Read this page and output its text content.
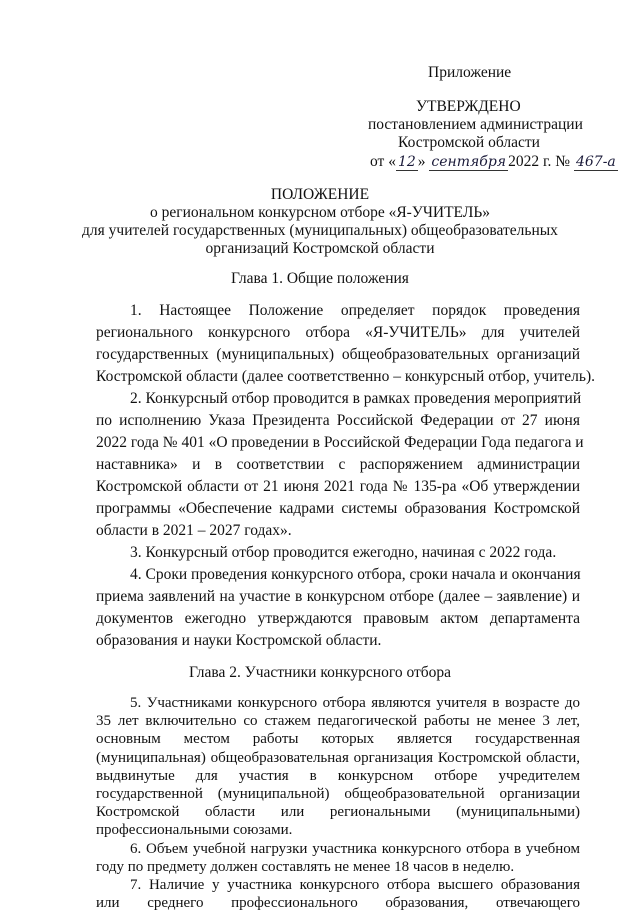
Приложение
УТВЕРЖДЕНО
постановлением администрации
Костромской области
от « 12 » сентября 2022 г. № 467-а
ПОЛОЖЕНИЕ
о региональном конкурсном отборе «Я-УЧИТЕЛЬ»
для учителей государственных (муниципальных) общеобразовательных
организаций Костромской области
Глава 1. Общие положения
1. Настоящее Положение определяет порядок проведения
регионального конкурсного отбора «Я-УЧИТЕЛЬ» для учителей
государственных (муниципальных) общеобразовательных организаций
Костромской области (далее соответственно – конкурсный отбор, учитель).
2. Конкурсный отбор проводится в рамках проведения мероприятий
по исполнению Указа Президента Российской Федерации от 27 июня
2022 года № 401 «О проведении в Российской Федерации Года педагога и
наставника» и в соответствии с распоряжением администрации
Костромской области от 21 июня 2021 года № 135-ра «Об утверждении
программы «Обеспечение кадрами системы образования Костромской
области в 2021 – 2027 годах».
3. Конкурсный отбор проводится ежегодно, начиная с 2022 года.
4. Сроки проведения конкурсного отбора, сроки начала и окончания
приема заявлений на участие в конкурсном отборе (далее – заявление) и
документов ежегодно утверждаются правовым актом департамента
образования и науки Костромской области.
Глава 2. Участники конкурсного отбора
5. Участниками конкурсного отбора являются учителя в возрасте до
35 лет включительно со стажем педагогической работы не менее 3 лет,
основным местом работы которых является государственная
(муниципальная) общеобразовательная организация Костромской области,
выдвинутые для участия в конкурсном отборе учредителем
государственной (муниципальной) общеобразовательной организации
Костромской области или региональными (муниципальными)
профессиональными союзами.
6. Объем учебной нагрузки участника конкурсного отбора в учебном
году по предмету должен составлять не менее 18 часов в неделю.
7. Наличие у участника конкурсного отбора высшего образования
или среднего профессионального образования, отвечающего
